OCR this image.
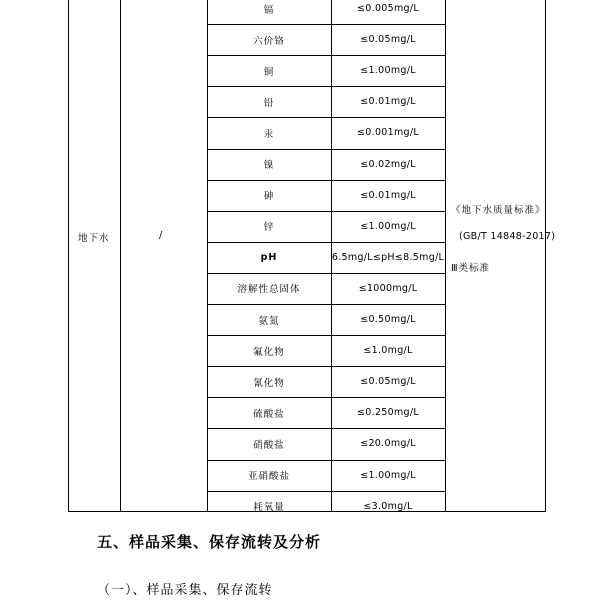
镉	≤0.005mg/L
六价铬	≤0.05mg/L
铜	≤1.00mg/L
铅	≤0.01mg/L
汞	≤0.001mg/L
镍	≤0.02mg/L
砷	≤0.01mg/L
锌	≤1.00mg/L
pH	6.5mg/L≤pH≤8.5mg/L
溶解性总固体	≤1000mg/L
氨氮	≤0.50mg/L
氟化物	≤1.0mg/L
氰化物	≤0.05mg/L
硫酸盐	≤0.250mg/L
硝酸盐	≤20.0mg/L
亚硝酸盐	≤1.00mg/L
耗氧量	≤3.0mg/L
地下水	/
《地下水质量标准》
(GB/T 14848-2017)
Ⅲ类标准
五、样品采集、保存流转及分析
（一）、样品采集、保存流转
